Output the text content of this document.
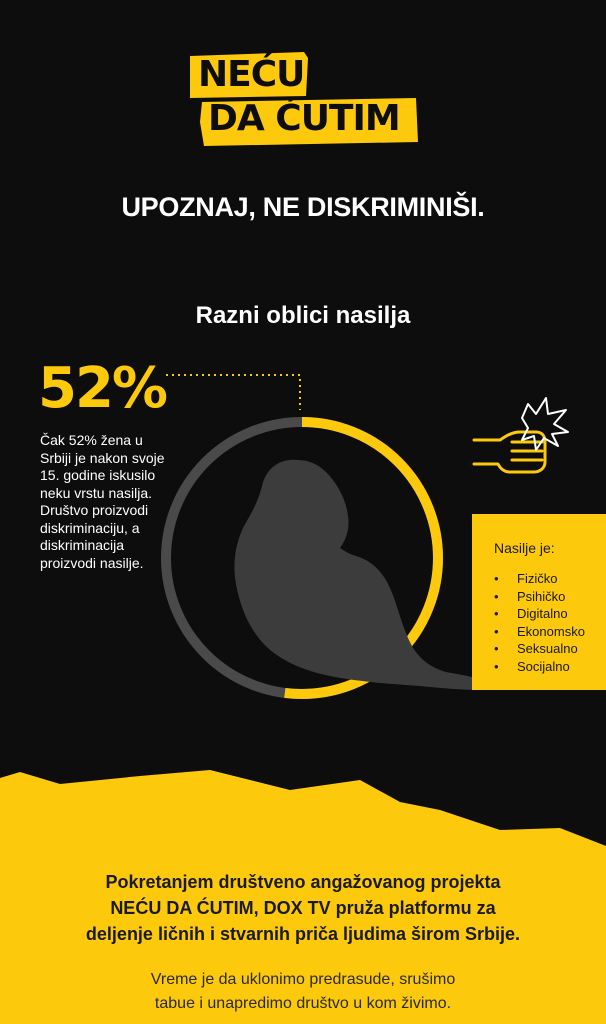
NEĆU
DA ĆUTIM
UPOZNAJ, NE DISKRIMINIŠI.
Razni oblici nasilja
52%

Čak 52% žena u Srbiji je nakon svoje 15. godine iskusilo neku vrstu nasilja. Društvo proizvodi diskriminaciju, a diskriminacija proizvodi nasilje.

Nasilje je:
• Fizičko
• Psihičko
• Digitalno
• Ekonomsko
• Seksualno
• Socijalno

Pokretanjem društveno angažovanog projekta NEĆU DA ĆUTIM, DOX TV pruža platformu za deljenje ličnih i stvarnih priča ljudima širom Srbije.

Vreme je da uklonimo predrasude, srušimo tabue i unapredimo društvo u kom živimo.
